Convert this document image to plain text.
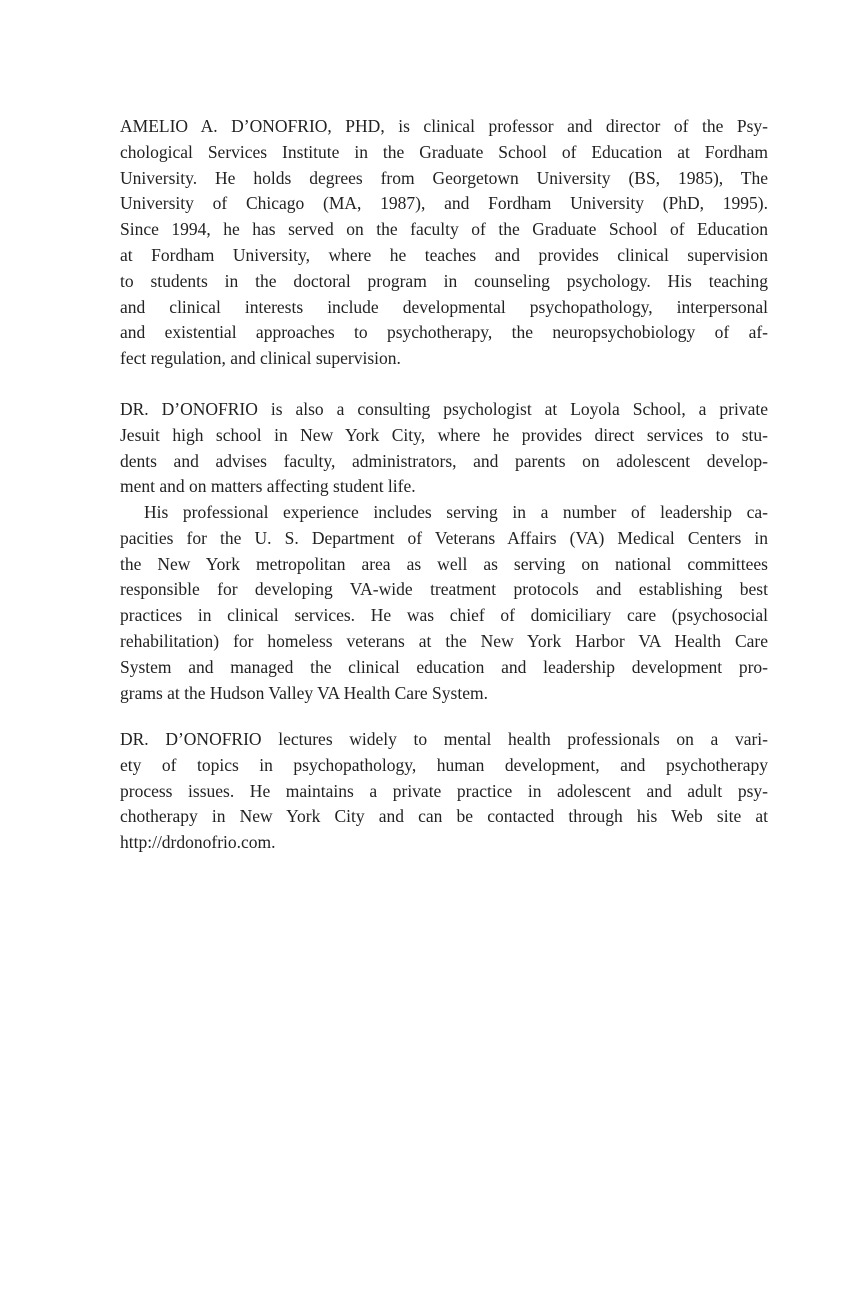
AMELIO A. D’ONOFRIO, PHD, is clinical professor and director of the Psy-
chological Services Institute in the Graduate School of Education at Fordham
University. He holds degrees from Georgetown University (BS, 1985), The
University of Chicago (MA, 1987), and Fordham University (PhD, 1995).
Since 1994, he has served on the faculty of the Graduate School of Education
at Fordham University, where he teaches and provides clinical supervision
to students in the doctoral program in counseling psychology. His teaching
and clinical interests include developmental psychopathology, interpersonal
and existential approaches to psychotherapy, the neuropsychobiology of af-
fect regulation, and clinical supervision.
DR. D’ONOFRIO is also a consulting psychologist at Loyola School, a private
Jesuit high school in New York City, where he provides direct services to stu-
dents and advises faculty, administrators, and parents on adolescent develop-
ment and on matters affecting student life.
His professional experience includes serving in a number of leadership ca-
pacities for the U. S. Department of Veterans Affairs (VA) Medical Centers in
the New York metropolitan area as well as serving on national committees
responsible for developing VA-wide treatment protocols and establishing best
practices in clinical services. He was chief of domiciliary care (psychosocial
rehabilitation) for homeless veterans at the New York Harbor VA Health Care
System and managed the clinical education and leadership development pro-
grams at the Hudson Valley VA Health Care System.
DR. D’ONOFRIO lectures widely to mental health professionals on a vari-
ety of topics in psychopathology, human development, and psychotherapy
process issues. He maintains a private practice in adolescent and adult psy-
chotherapy in New York City and can be contacted through his Web site at
http://drdonofrio.com.
